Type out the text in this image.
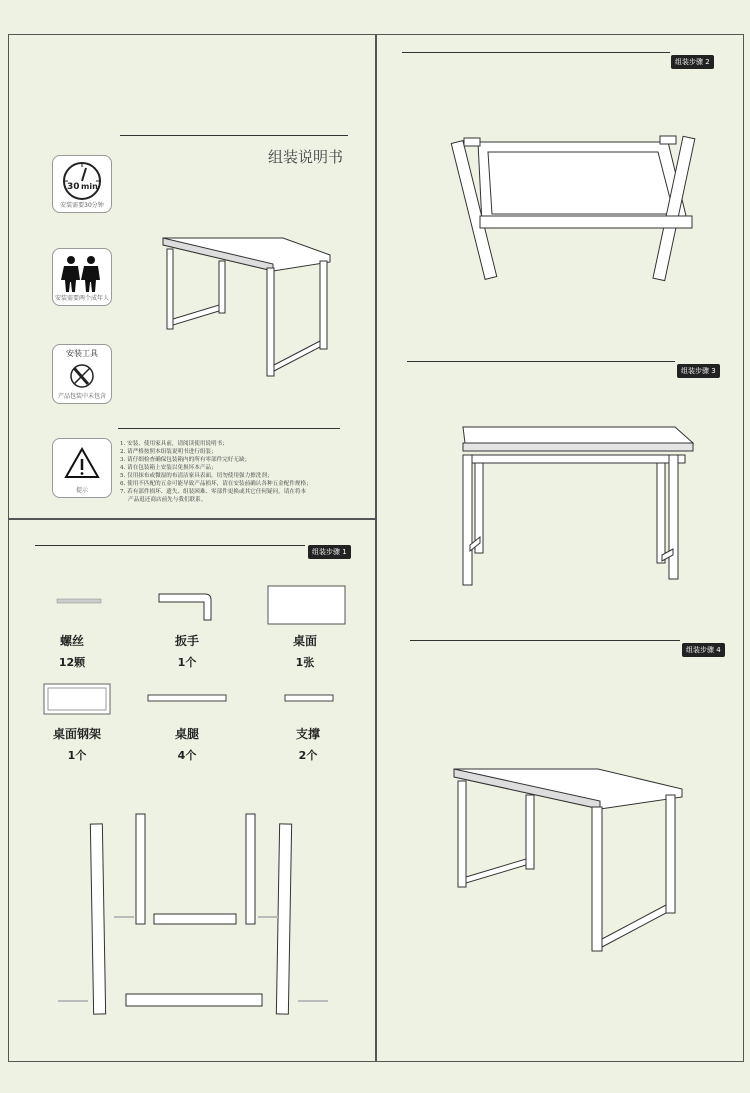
组装说明书
30 min
安装需要30分钟
安装需要两个成年人
安装工具
产品包装中未包含
提示
1. 安装、使用家具前，请阅读使用说明书；
2. 请严格按照本组装说明书进行组装；
3. 请仔细检查确保包装箱内的所有零部件完好无缺；
4. 请在包装箱上安装以免损坏本产品；
5. 仅用抹布或微湿的布清洁家具表面，切勿使用强力擦洗剂；
6. 使用不匹配的五金可能导致产品损坏，请在安装前确认各种五金配件规格；
7. 若有部件损坏、遗失、组装困难、零部件更换或其它任何疑问，请在将本
产品退还商店前先与我们联系。
组装步骤 1
螺丝
12颗
扳手
1个
桌面
1张
桌面钢架
1个
桌腿
4个
支撑
2个
组装步骤 2
组装步骤 3
组装步骤 4
